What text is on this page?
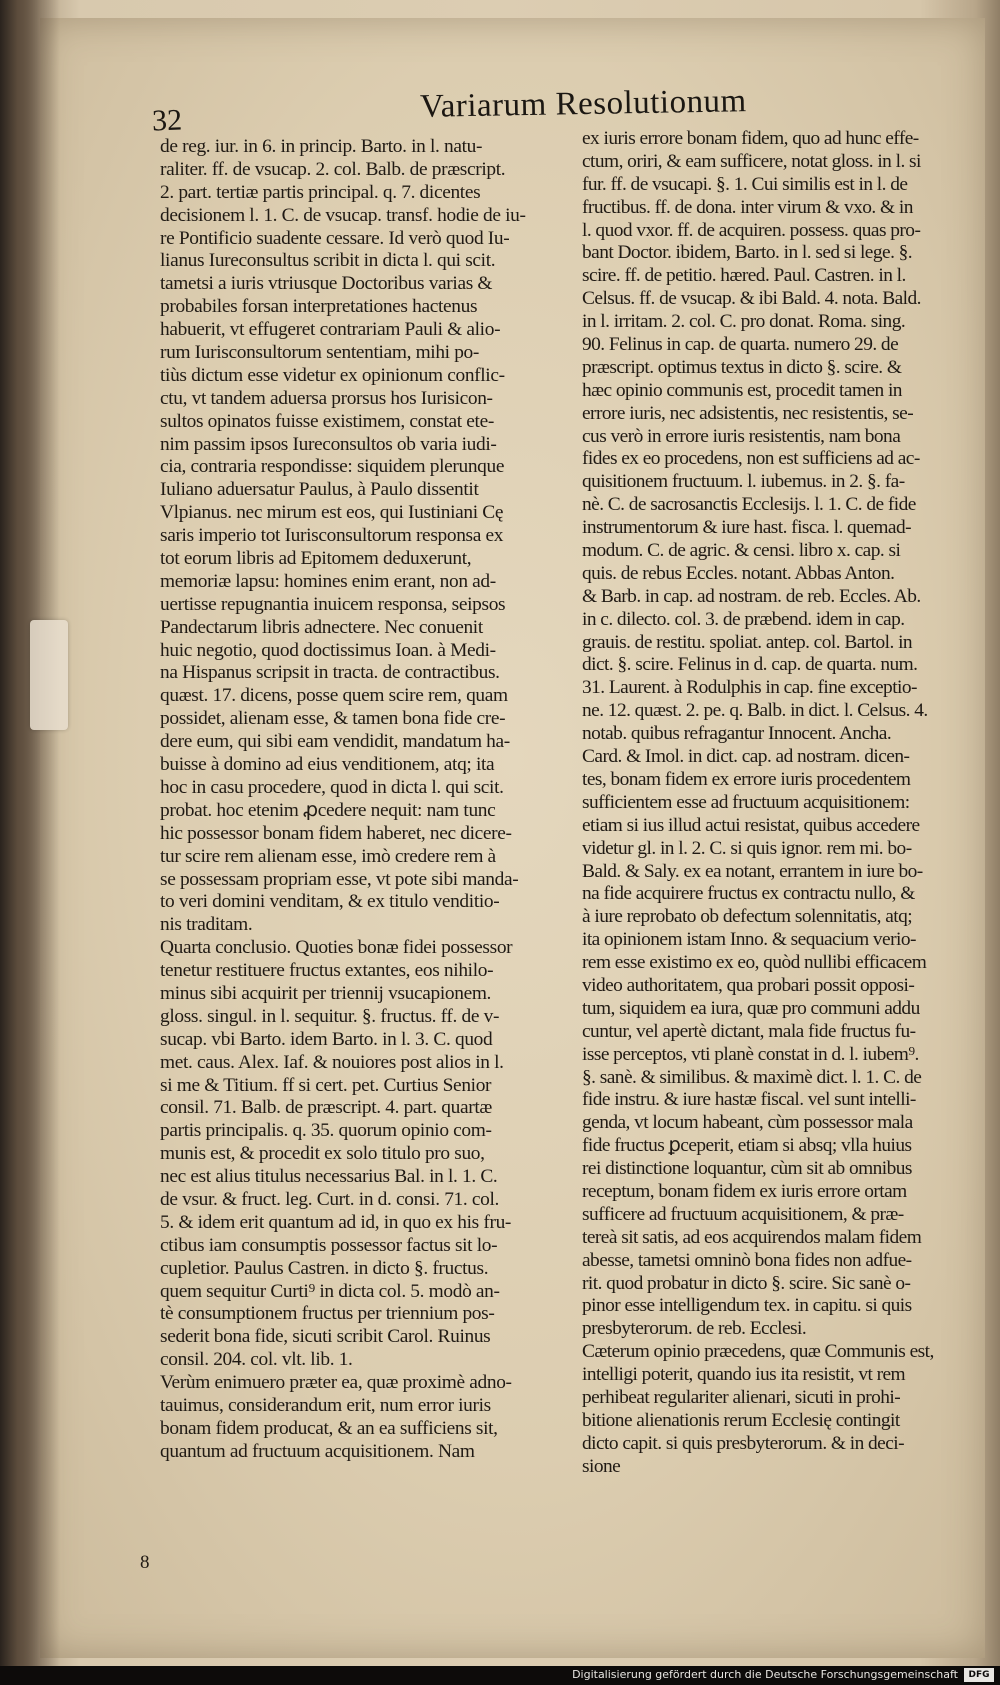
32	Variarum Resolutionum
de reg. iur. in 6. in princip. Barto. in l. natu-
raliter. ff. de vsucap. 2. col. Balb. de præscript.
2. part. tertiæ partis principal. q. 7. dicentes
decisionem l. 1. C. de vsucap. transf. hodie de iu-
re Pontificio suadente cessare. Id verò quod Iu-
lianus Iureconsultus scribit in dicta l. qui scit.
tametsi a iuris vtriusque Doctoribus varias &
probabiles forsan interpretationes hactenus
habuerit, vt effugeret contrariam Pauli & alio-
rum Iurisconsultorum sententiam, mihi po-
tiùs dictum esse videtur ex opinionum conflic-
ctu, vt tandem aduersa prorsus hos Iurisicon-
sultos opinatos fuisse existimem, constat ete-
nim passim ipsos Iureconsultos ob varia iudi-
cia, contraria respondisse: siquidem plerunque
Iuliano aduersatur Paulus, à Paulo dissentit
Vlpianus. nec mirum est eos, qui Iustiniani Cę
saris imperio tot Iurisconsultorum responsa ex
tot eorum libris ad Epitomem deduxerunt,
memoriæ lapsu: homines enim erant, non ad-
uertisse repugnantia inuicem responsa, seipsos
Pandectarum libris adnectere. Nec conuenit
huic negotio, quod doctissimus Ioan. à Medi-
na Hispanus scripsit in tracta. de contractibus.
quæst. 17. dicens, posse quem scire rem, quam
possidet, alienam esse, & tamen bona fide cre-
dere eum, qui sibi eam vendidit, mandatum ha-
buisse à domino ad eius venditionem, atq; ita
hoc in casu procedere, quod in dicta l. qui scit.
probat. hoc etenim ꝓcedere nequit: nam tunc
hic possessor bonam fidem haberet, nec dicere-
tur scire rem alienam esse, imò credere rem à
se possessam propriam esse, vt pote sibi manda-
to veri domini venditam, & ex titulo venditio-
nis traditam.
Quarta conclusio. Quoties bonæ fidei possessor
tenetur restituere fructus extantes, eos nihilo-
minus sibi acquirit per triennij vsucapionem.
gloss. singul. in l. sequitur. §. fructus. ff. de v-
sucap. vbi Barto. idem Barto. in l. 3. C. quod
met. caus. Alex. Iaf. & nouiores post alios in l.
si me & Titium. ff si cert. pet. Curtius Senior
consil. 71. Balb. de præscript. 4. part. quartæ
partis principalis. q. 35. quorum opinio com-
munis est, & procedit ex solo titulo pro suo,
nec est alius titulus necessarius Bal. in l. 1. C.
de vsur. & fruct. leg. Curt. in d. consi. 71. col.
5. & idem erit quantum ad id, in quo ex his fru-
ctibus iam consumptis possessor factus sit lo-
cupletior. Paulus Castren. in dicto §. fructus.
quem sequitur Curti⁹ in dicta col. 5. modò an-
tè consumptionem fructus per triennium pos-
sederit bona fide, sicuti scribit Carol. Ruinus
consil. 204. col. vlt. lib. 1.
Verùm enimuero præter ea, quæ proximè adno-
tauimus, considerandum erit, num error iuris
bonam fidem producat, & an ea sufficiens sit,
quantum ad fructuum acquisitionem. Nam
ex iuris errore bonam fidem, quo ad hunc effe-
ctum, oriri, & eam sufficere, notat gloss. in l. si
fur. ff. de vsucapi. §. 1. Cui similis est in l. de
fructibus. ff. de dona. inter virum & vxo. & in
l. quod vxor. ff. de acquiren. possess. quas pro-
bant Doctor. ibidem, Barto. in l. sed si lege. §.
scire. ff. de petitio. hæred. Paul. Castren. in l.
Celsus. ff. de vsucap. & ibi Bald. 4. nota. Bald.
in l. irritam. 2. col. C. pro donat. Roma. sing.
90. Felinus in cap. de quarta. numero 29. de
præscript. optimus textus in dicto §. scire. &
hæc opinio communis est, procedit tamen in
errore iuris, nec adsistentis, nec resistentis, se-
cus verò in errore iuris resistentis, nam bona
fides ex eo procedens, non est sufficiens ad ac-
quisitionem fructuum. l. iubemus. in 2. §. fa-
nè. C. de sacrosanctis Ecclesijs. l. 1. C. de fide
instrumentorum & iure hast. fisca. l. quemad-
modum. C. de agric. & censi. libro x. cap. si
quis. de rebus Eccles. notant. Abbas Anton.
& Barb. in cap. ad nostram. de reb. Eccles. Ab.
in c. dilecto. col. 3. de præbend. idem in cap.
grauis. de restitu. spoliat. antep. col. Bartol. in
dict. §. scire. Felinus in d. cap. de quarta. num.
31. Laurent. à Rodulphis in cap. fine exceptio-
ne. 12. quæst. 2. pe. q. Balb. in dict. l. Celsus. 4.
notab. quibus refragantur Innocent. Ancha.
Card. & Imol. in dict. cap. ad nostram. dicen-
tes, bonam fidem ex errore iuris procedentem
sufficientem esse ad fructuum acquisitionem:
etiam si ius illud actui resistat, quibus accedere
videtur gl. in l. 2. C. si quis ignor. rem mi. bo-
Bald. & Saly. ex ea notant, errantem in iure bo-
na fide acquirere fructus ex contractu nullo, &
à iure reprobato ob defectum solennitatis, atq;
ita opinionem istam Inno. & sequacium verio-
rem esse existimo ex eo, quòd nullibi efficacem
video authoritatem, qua probari possit opposi-
tum, siquidem ea iura, quæ pro communi addu
cuntur, vel apertè dictant, mala fide fructus fu-
isse perceptos, vti planè constat in d. l. iubem⁹.
§. sanè. & similibus. & maximè dict. l. 1. C. de
fide instru. & iure hastæ fiscal. vel sunt intelli-
genda, vt locum habeant, cùm possessor mala
fide fructus ꝑceperit, etiam si absq; vlla huius
rei distinctione loquantur, cùm sit ab omnibus
receptum, bonam fidem ex iuris errore ortam
sufficere ad fructuum acquisitionem, & præ-
tereà sit satis, ad eos acquirendos malam fidem
abesse, tametsi omninò bona fides non adfue-
rit. quod probatur in dicto §. scire. Sic sanè o-
pinor esse intelligendum tex. in capitu. si quis
presbyterorum. de reb. Ecclesi.
Cæterum opinio præcedens, quæ Communis est,
intelligi poterit, quando ius ita resistit, vt rem
perhibeat regulariter alienari, sicuti in prohi-
bitione alienationis rerum Ecclesię contingit
dicto capit. si quis presbyterorum. & in deci-
sione
8
Digitalisierung gefördert durch die Deutsche Forschungsgemeinschaft	DFG
